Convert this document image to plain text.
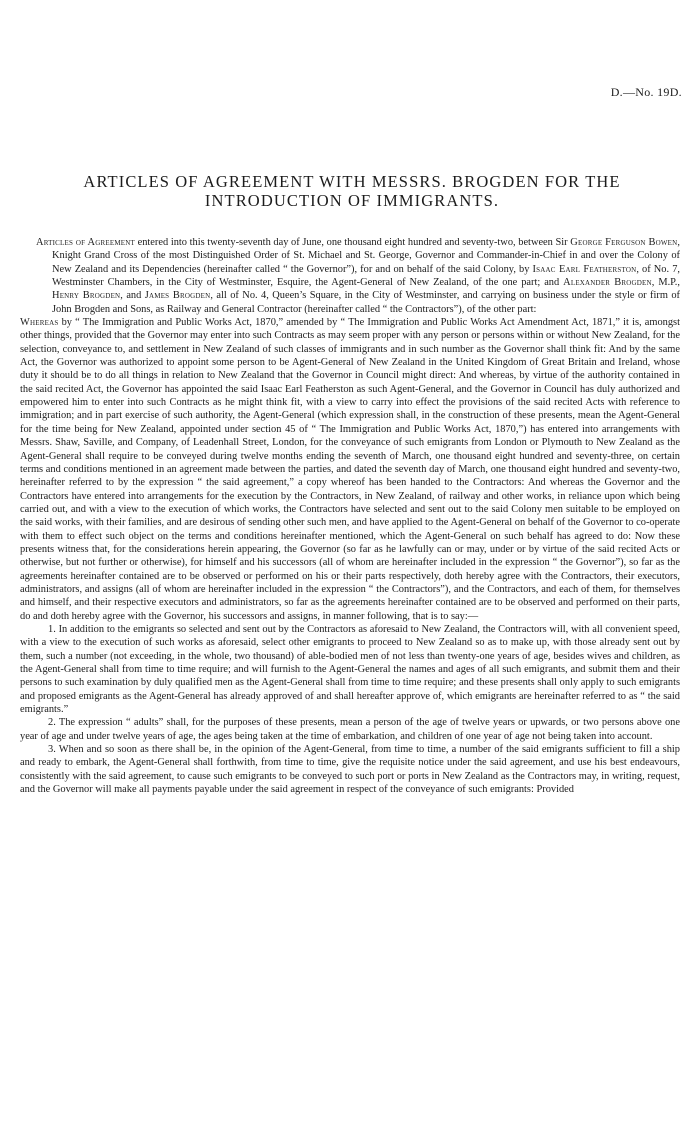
D.—No. 19D.
ARTICLES OF AGREEMENT WITH MESSRS. BROGDEN FOR THE INTRODUCTION OF IMMIGRANTS.

Articles of Agreement entered into this twenty-seventh day of June, one thousand eight hundred and seventy-two, between Sir George Ferguson Bowen, Knight Grand Cross of the most Distinguished Order of St. Michael and St. George, Governor and Commander-in-Chief in and over the Colony of New Zealand and its Dependencies (hereinafter called “ the Governor”), for and on behalf of the said Colony, by Isaac Earl Featherston, of No. 7, Westminster Chambers, in the City of Westminster, Esquire, the Agent-General of New Zealand, of the one part; and Alexander Brogden, M.P., Henry Brogden, and James Brogden, all of No. 4, Queen’s Square, in the City of Westminster, and carrying on business under the style or firm of John Brogden and Sons, as Railway and General Contractor (hereinafter called “ the Contractors”), of the other part:

Whereas by “ The Immigration and Public Works Act, 1870,” amended by “ The Immigration and Public Works Act Amendment Act, 1871,” it is, amongst other things, provided that the Governor may enter into such Contracts as may seem proper with any person or persons within or without New Zealand, for the selection, conveyance to, and settlement in New Zealand of such classes of immigrants and in such number as the Governor shall think fit: And by the same Act, the Governor was authorized to appoint some person to be Agent-General of New Zealand in the United Kingdom of Great Britain and Ireland, whose duty it should be to do all things in relation to New Zealand that the Governor in Council might direct: And whereas, by virtue of the authority contained in the said recited Act, the Governor has appointed the said Isaac Earl Featherston as such Agent-General, and the Governor in Council has duly authorized and empowered him to enter into such Contracts as he might think fit, with a view to carry into effect the provisions of the said recited Acts with reference to immigration; and in part exercise of such authority, the Agent-General (which expression shall, in the construction of these presents, mean the Agent-General for the time being for New Zealand, appointed under section 45 of “ The Immigration and Public Works Act, 1870,”) has entered into arrangements with Messrs. Shaw, Saville, and Company, of Leadenhall Street, London, for the conveyance of such emigrants from London or Plymouth to New Zealand as the Agent-General shall require to be conveyed during twelve months ending the seventh of March, one thousand eight hundred and seventy-three, on certain terms and conditions mentioned in an agreement made between the parties, and dated the seventh day of March, one thousand eight hundred and seventy-two, hereinafter referred to by the expression “ the said agreement,” a copy whereof has been handed to the Contractors: And whereas the Governor and the Contractors have entered into arrangements for the execution by the Contractors, in New Zealand, of railway and other works, in reliance upon which being carried out, and with a view to the execution of which works, the Contractors have selected and sent out to the said Colony men suitable to be employed on the said works, with their families, and are desirous of sending other such men, and have applied to the Agent-General on behalf of the Governor to co-operate with them to effect such object on the terms and conditions hereinafter mentioned, which the Agent-General on such behalf has agreed to do: Now these presents witness that, for the considerations herein appearing, the Governor (so far as he lawfully can or may, under or by virtue of the said recited Acts or otherwise, but not further or otherwise), for himself and his successors (all of whom are hereinafter included in the expression “ the Governor”), so far as the agreements hereinafter contained are to be observed or performed on his or their parts respectively, doth hereby agree with the Contractors, their executors, administrators, and assigns (all of whom are hereinafter included in the expression “ the Contractors”), and the Contractors, and each of them, for themselves and himself, and their respective executors and administrators, so far as the agreements hereinafter contained are to be observed and performed on their parts, do and doth hereby agree with the Governor, his successors and assigns, in manner following, that is to say:—

1. In addition to the emigrants so selected and sent out by the Contractors as aforesaid to New Zealand, the Contractors will, with all convenient speed, with a view to the execution of such works as aforesaid, select other emigrants to proceed to New Zealand so as to make up, with those already sent out by them, such a number (not exceeding, in the whole, two thousand) of able-bodied men of not less than twenty-one years of age, besides wives and children, as the Agent-General shall from time to time require; and will furnish to the Agent-General the names and ages of all such emigrants, and submit them and their persons to such examination by duly qualified men as the Agent-General shall from time to time require; and these presents shall only apply to such emigrants and proposed emigrants as the Agent-General has already approved of and shall hereafter approve of, which emigrants are hereinafter referred to as “ the said emigrants.”

2. The expression “ adults” shall, for the purposes of these presents, mean a person of the age of twelve years or upwards, or two persons above one year of age and under twelve years of age, the ages being taken at the time of embarkation, and children of one year of age not being taken into account.

3. When and so soon as there shall be, in the opinion of the Agent-General, from time to time, a number of the said emigrants sufficient to fill a ship and ready to embark, the Agent-General shall forthwith, from time to time, give the requisite notice under the said agreement, and use his best endeavours, consistently with the said agreement, to cause such emigrants to be conveyed to such port or ports in New Zealand as the Contractors may, in writing, request, and the Governor will make all payments payable under the said agreement in respect of the conveyance of such emigrants: Provided
